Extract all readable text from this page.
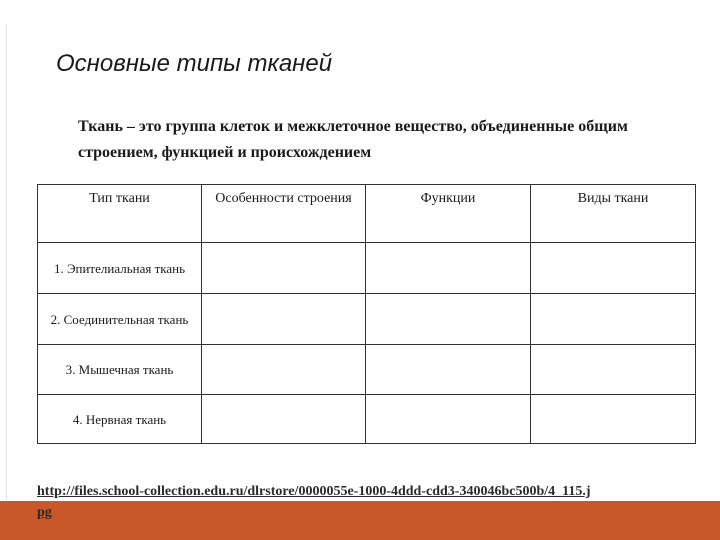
Основные типы тканей

Ткань – это группа клеток и межклеточное вещество, объединенные общим строением, функцией и происхождением

Тип ткани	Особенности строения	Функции	Виды ткани
1. Эпителиальная ткань			
2. Соединительная ткань			
3. Мышечная ткань			
4. Нервная ткань			
http://files.school-collection.edu.ru/dlrstore/0000055e-1000-4ddd-cdd3-340046bc500b/4_115.jpg
